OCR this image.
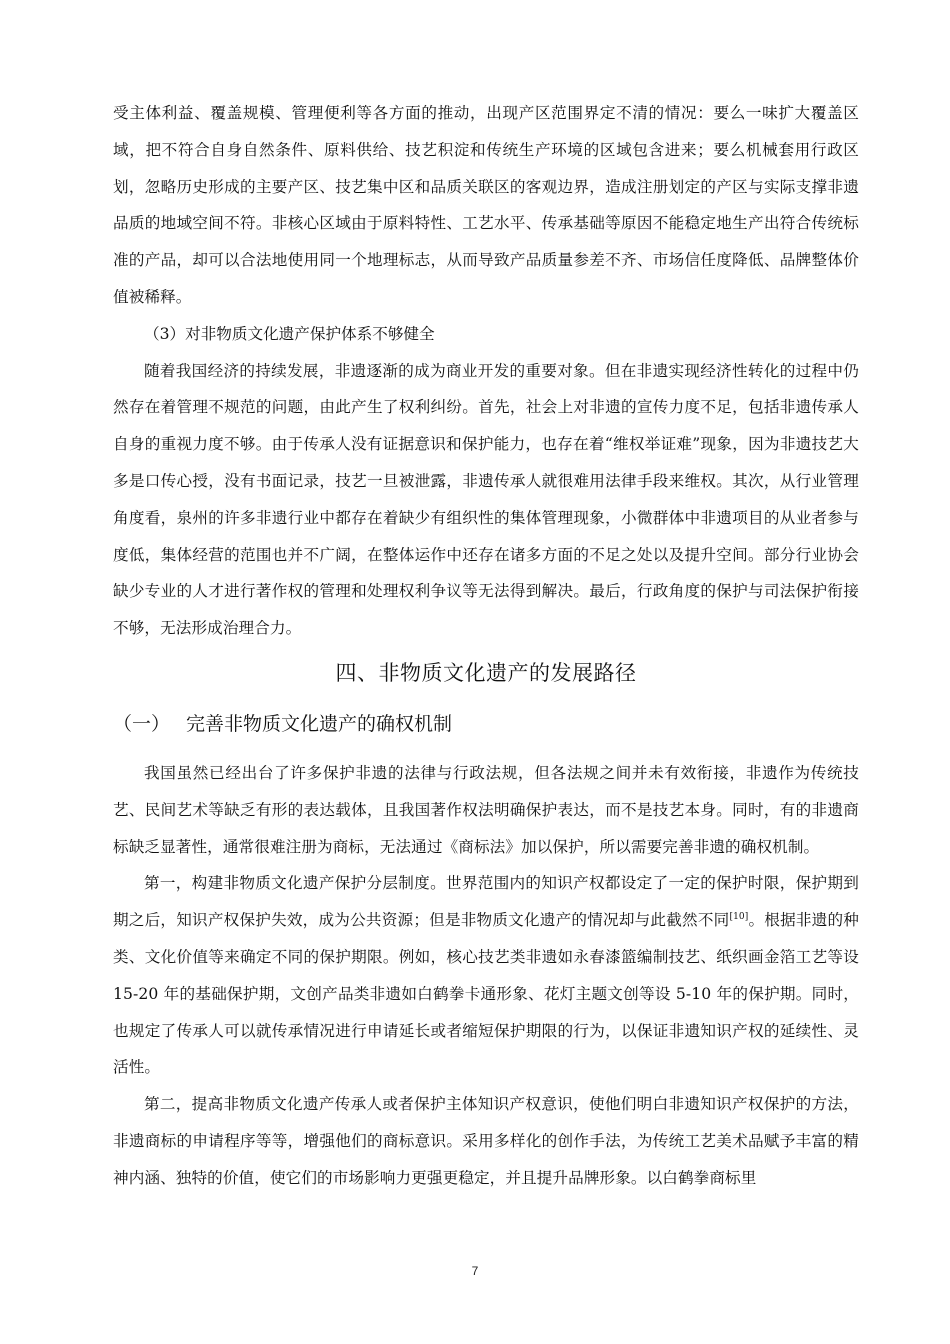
受主体利益、覆盖规模、管理便利等各方面的推动，出现产区范围界定不清的情况：要么一味扩大覆盖区域，把不符合自身自然条件、原料供给、技艺积淀和传统生产环境的区域包含进来；要么机械套用行政区划，忽略历史形成的主要产区、技艺集中区和品质关联区的客观边界，造成注册划定的产区与实际支撑非遗品质的地域空间不符。非核心区域由于原料特性、工艺水平、传承基础等原因不能稳定地生产出符合传统标准的产品，却可以合法地使用同一个地理标志，从而导致产品质量参差不齐、市场信任度降低、品牌整体价值被稀释。

（3）对非物质文化遗产保护体系不够健全

随着我国经济的持续发展，非遗逐渐的成为商业开发的重要对象。但在非遗实现经济性转化的过程中仍然存在着管理不规范的问题，由此产生了权利纠纷。首先，社会上对非遗的宣传力度不足，包括非遗传承人自身的重视力度不够。由于传承人没有证据意识和保护能力，也存在着“维权举证难”现象，因为非遗技艺大多是口传心授，没有书面记录，技艺一旦被泄露，非遗传承人就很难用法律手段来维权。其次，从行业管理角度看，泉州的许多非遗行业中都存在着缺少有组织性的集体管理现象，小微群体中非遗项目的从业者参与度低，集体经营的范围也并不广阔，在整体运作中还存在诸多方面的不足之处以及提升空间。部分行业协会缺少专业的人才进行著作权的管理和处理权利争议等无法得到解决。最后，行政角度的保护与司法保护衔接不够，无法形成治理合力。

四、非物质文化遗产的发展路径
（一） 完善非物质文化遗产的确权机制

我国虽然已经出台了许多保护非遗的法律与行政法规，但各法规之间并未有效衔接，非遗作为传统技艺、民间艺术等缺乏有形的表达载体，且我国著作权法明确保护表达，而不是技艺本身。同时，有的非遗商标缺乏显著性，通常很难注册为商标，无法通过《商标法》加以保护，所以需要完善非遗的确权机制。

第一，构建非物质文化遗产保护分层制度。世界范围内的知识产权都设定了一定的保护时限，保护期到期之后，知识产权保护失效，成为公共资源；但是非物质文化遗产的情况却与此截然不同[10]。根据非遗的种类、文化价值等来确定不同的保护期限。例如，核心技艺类非遗如永春漆篮编制技艺、纸织画金箔工艺等设 15-20 年的基础保护期，文创产品类非遗如白鹤拳卡通形象、花灯主题文创等设 5-10 年的保护期。同时，也规定了传承人可以就传承情况进行申请延长或者缩短保护期限的行为，以保证非遗知识产权的延续性、灵活性。

第二，提高非物质文化遗产传承人或者保护主体知识产权意识，使他们明白非遗知识产权保护的方法，非遗商标的申请程序等等，增强他们的商标意识。采用多样化的创作手法，为传统工艺美术品赋予丰富的精神内涵、独特的价值，使它们的市场影响力更强更稳定，并且提升品牌形象。以白鹤拳商标里

7
